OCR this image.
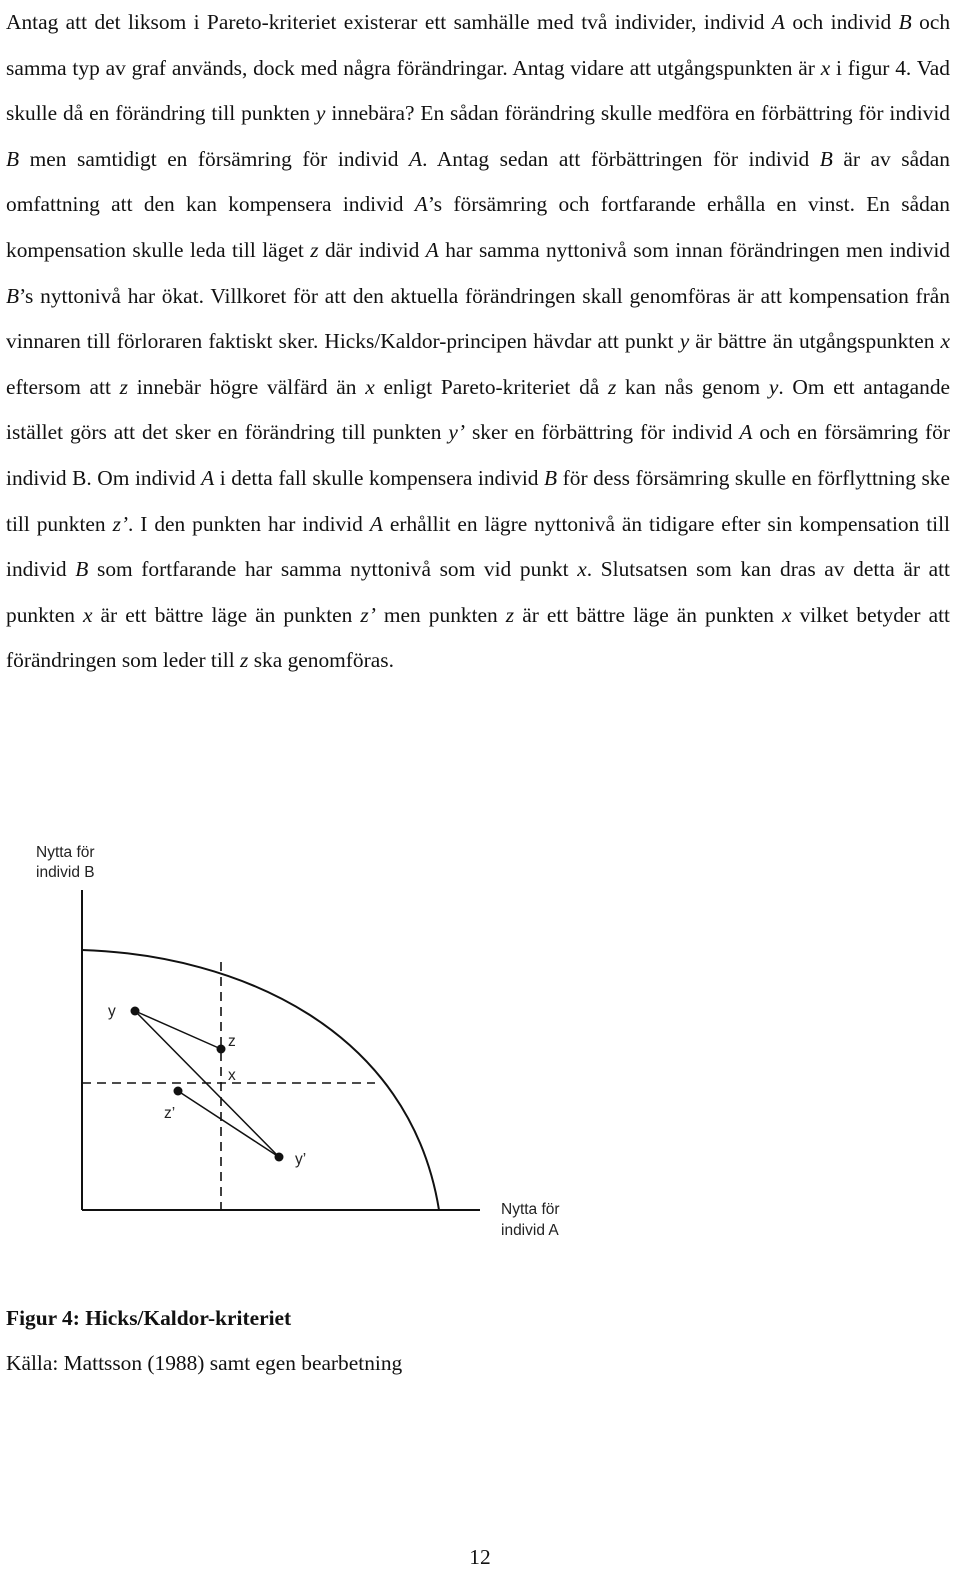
Antag att det liksom i Pareto-kriteriet existerar ett samhälle med två individer, individ A och individ B och samma typ av graf används, dock med några förändringar. Antag vidare att utgångspunkten är x i figur 4. Vad skulle då en förändring till punkten y innebära? En sådan förändring skulle medföra en förbättring för individ B men samtidigt en försämring för individ A. Antag sedan att förbättringen för individ B är av sådan omfattning att den kan kompensera individ A’s försämring och fortfarande erhålla en vinst. En sådan kompensation skulle leda till läget z där individ A har samma nyttonivå som innan förändringen men individ B’s nyttonivå har ökat. Villkoret för att den aktuella förändringen skall genomföras är att kompensation från vinnaren till förloraren faktiskt sker. Hicks/Kaldor-principen hävdar att punkt y är bättre än utgångspunkten x eftersom att z innebär högre välfärd än x enligt Pareto-kriteriet då z kan nås genom y. Om ett antagande istället görs att det sker en förändring till punkten y’ sker en förbättring för individ A och en försämring för individ B. Om individ A i detta fall skulle kompensera individ B för dess försämring skulle en förflyttning ske till punkten z’. I den punkten har individ A erhållit en lägre nyttonivå än tidigare efter sin kompensation till individ B som fortfarande har samma nyttonivå som vid punkt x. Slutsatsen som kan dras av detta är att punkten x är ett bättre läge än punkten z’ men punkten z är ett bättre läge än punkten x vilket betyder att förändringen som leder till z ska genomföras.

y
z
x
z’
y’
Nytta för
individ B
Nytta för
individ A

Figur 4: Hicks/Kaldor-kriteriet

Källa: Mattsson (1988) samt egen bearbetning

12
